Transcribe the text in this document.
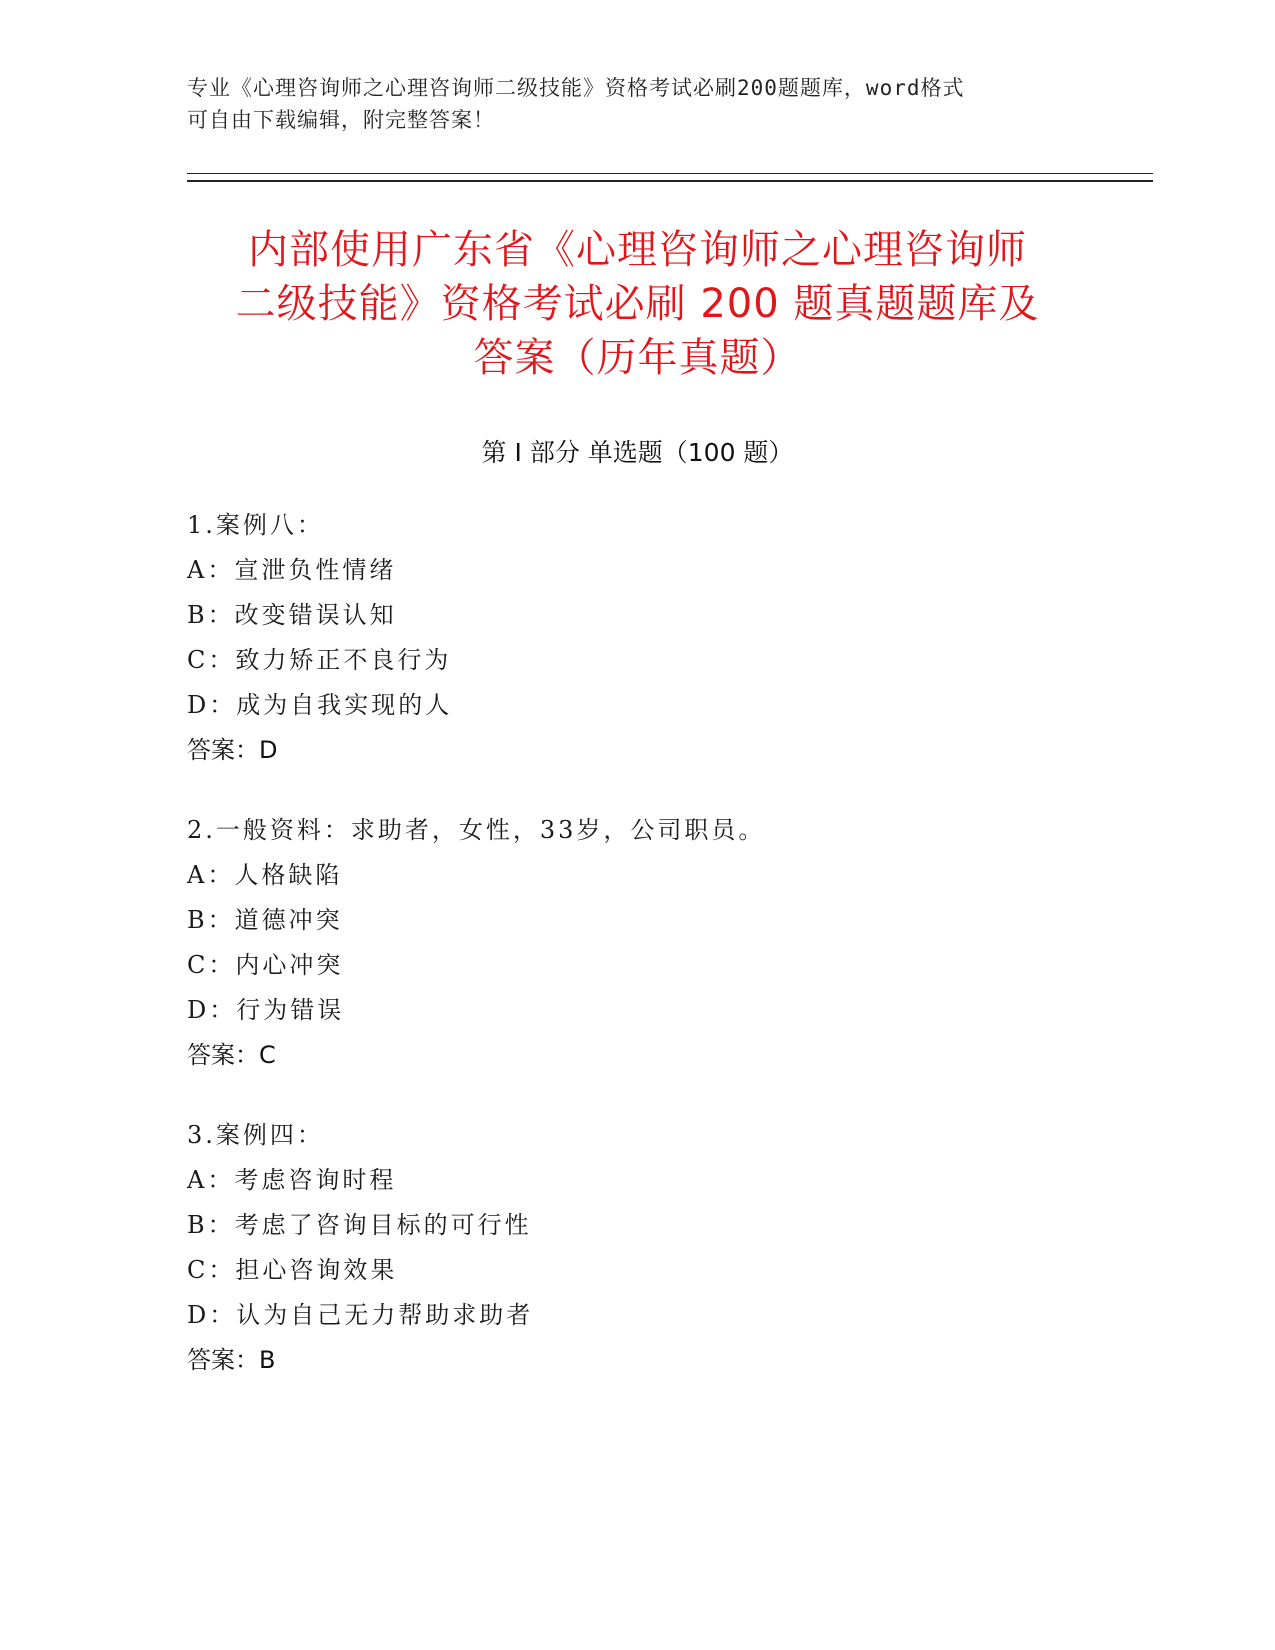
专业《心理咨询师之心理咨询师二级技能》资格考试必刷200题题库，word格式
可自由下载编辑，附完整答案！
内部使用广东省《心理咨询师之心理咨询师
二级技能》资格考试必刷 200 题真题题库及
答案（历年真题）
第 I 部分 单选题（100 题）
1.案例八：
A：宣泄负性情绪
B：改变错误认知
C：致力矫正不良行为
D：成为自我实现的人
答案：D
2.一般资料：求助者，女性，33岁，公司职员。
A：人格缺陷
B：道德冲突
C：内心冲突
D：行为错误
答案：C
3.案例四：
A：考虑咨询时程
B：考虑了咨询目标的可行性
C：担心咨询效果
D：认为自己无力帮助求助者
答案：B
